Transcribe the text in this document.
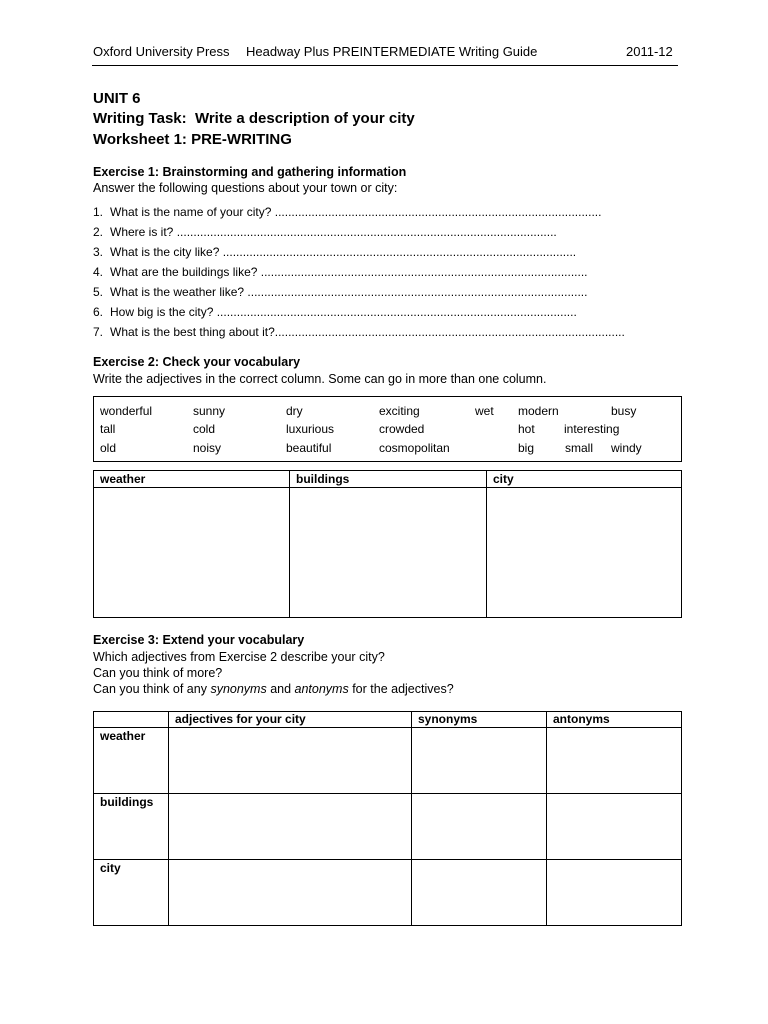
Oxford University Press Headway Plus PREINTERMEDIATE Writing Guide	2011-12
UNIT 6
Writing Task:  Write a description of your city
Worksheet 1: PRE-WRITING
Exercise 1: Brainstorming and gathering information
Answer the following questions about your town or city:
1. What is the name of your city? ..................................................................................................
2. Where is it? ..................................................................................................................
3. What is the city like? ..........................................................................................................
4. What are the buildings like? ..................................................................................................
5. What is the weather like? ......................................................................................................
6. How big is the city? ............................................................................................................
7. What is the best thing about it?.........................................................................................................
Exercise 2: Check your vocabulary
Write the adjectives in the correct column. Some can go in more than one column.
wonderful	sunny	dry	exciting	wet modern	busy
tall	cold	luxurious	crowded	hot interesting
old	noisy	beautiful	cosmopolitan	big	small windy
weather	buildings	city

Exercise 3: Extend your vocabulary
Which adjectives from Exercise 2 describe your city?
Can you think of more?
Can you think of any synonyms and antonyms for the adjectives?
	adjectives for your city	synonyms	antonyms
weather			
buildings			
city			
